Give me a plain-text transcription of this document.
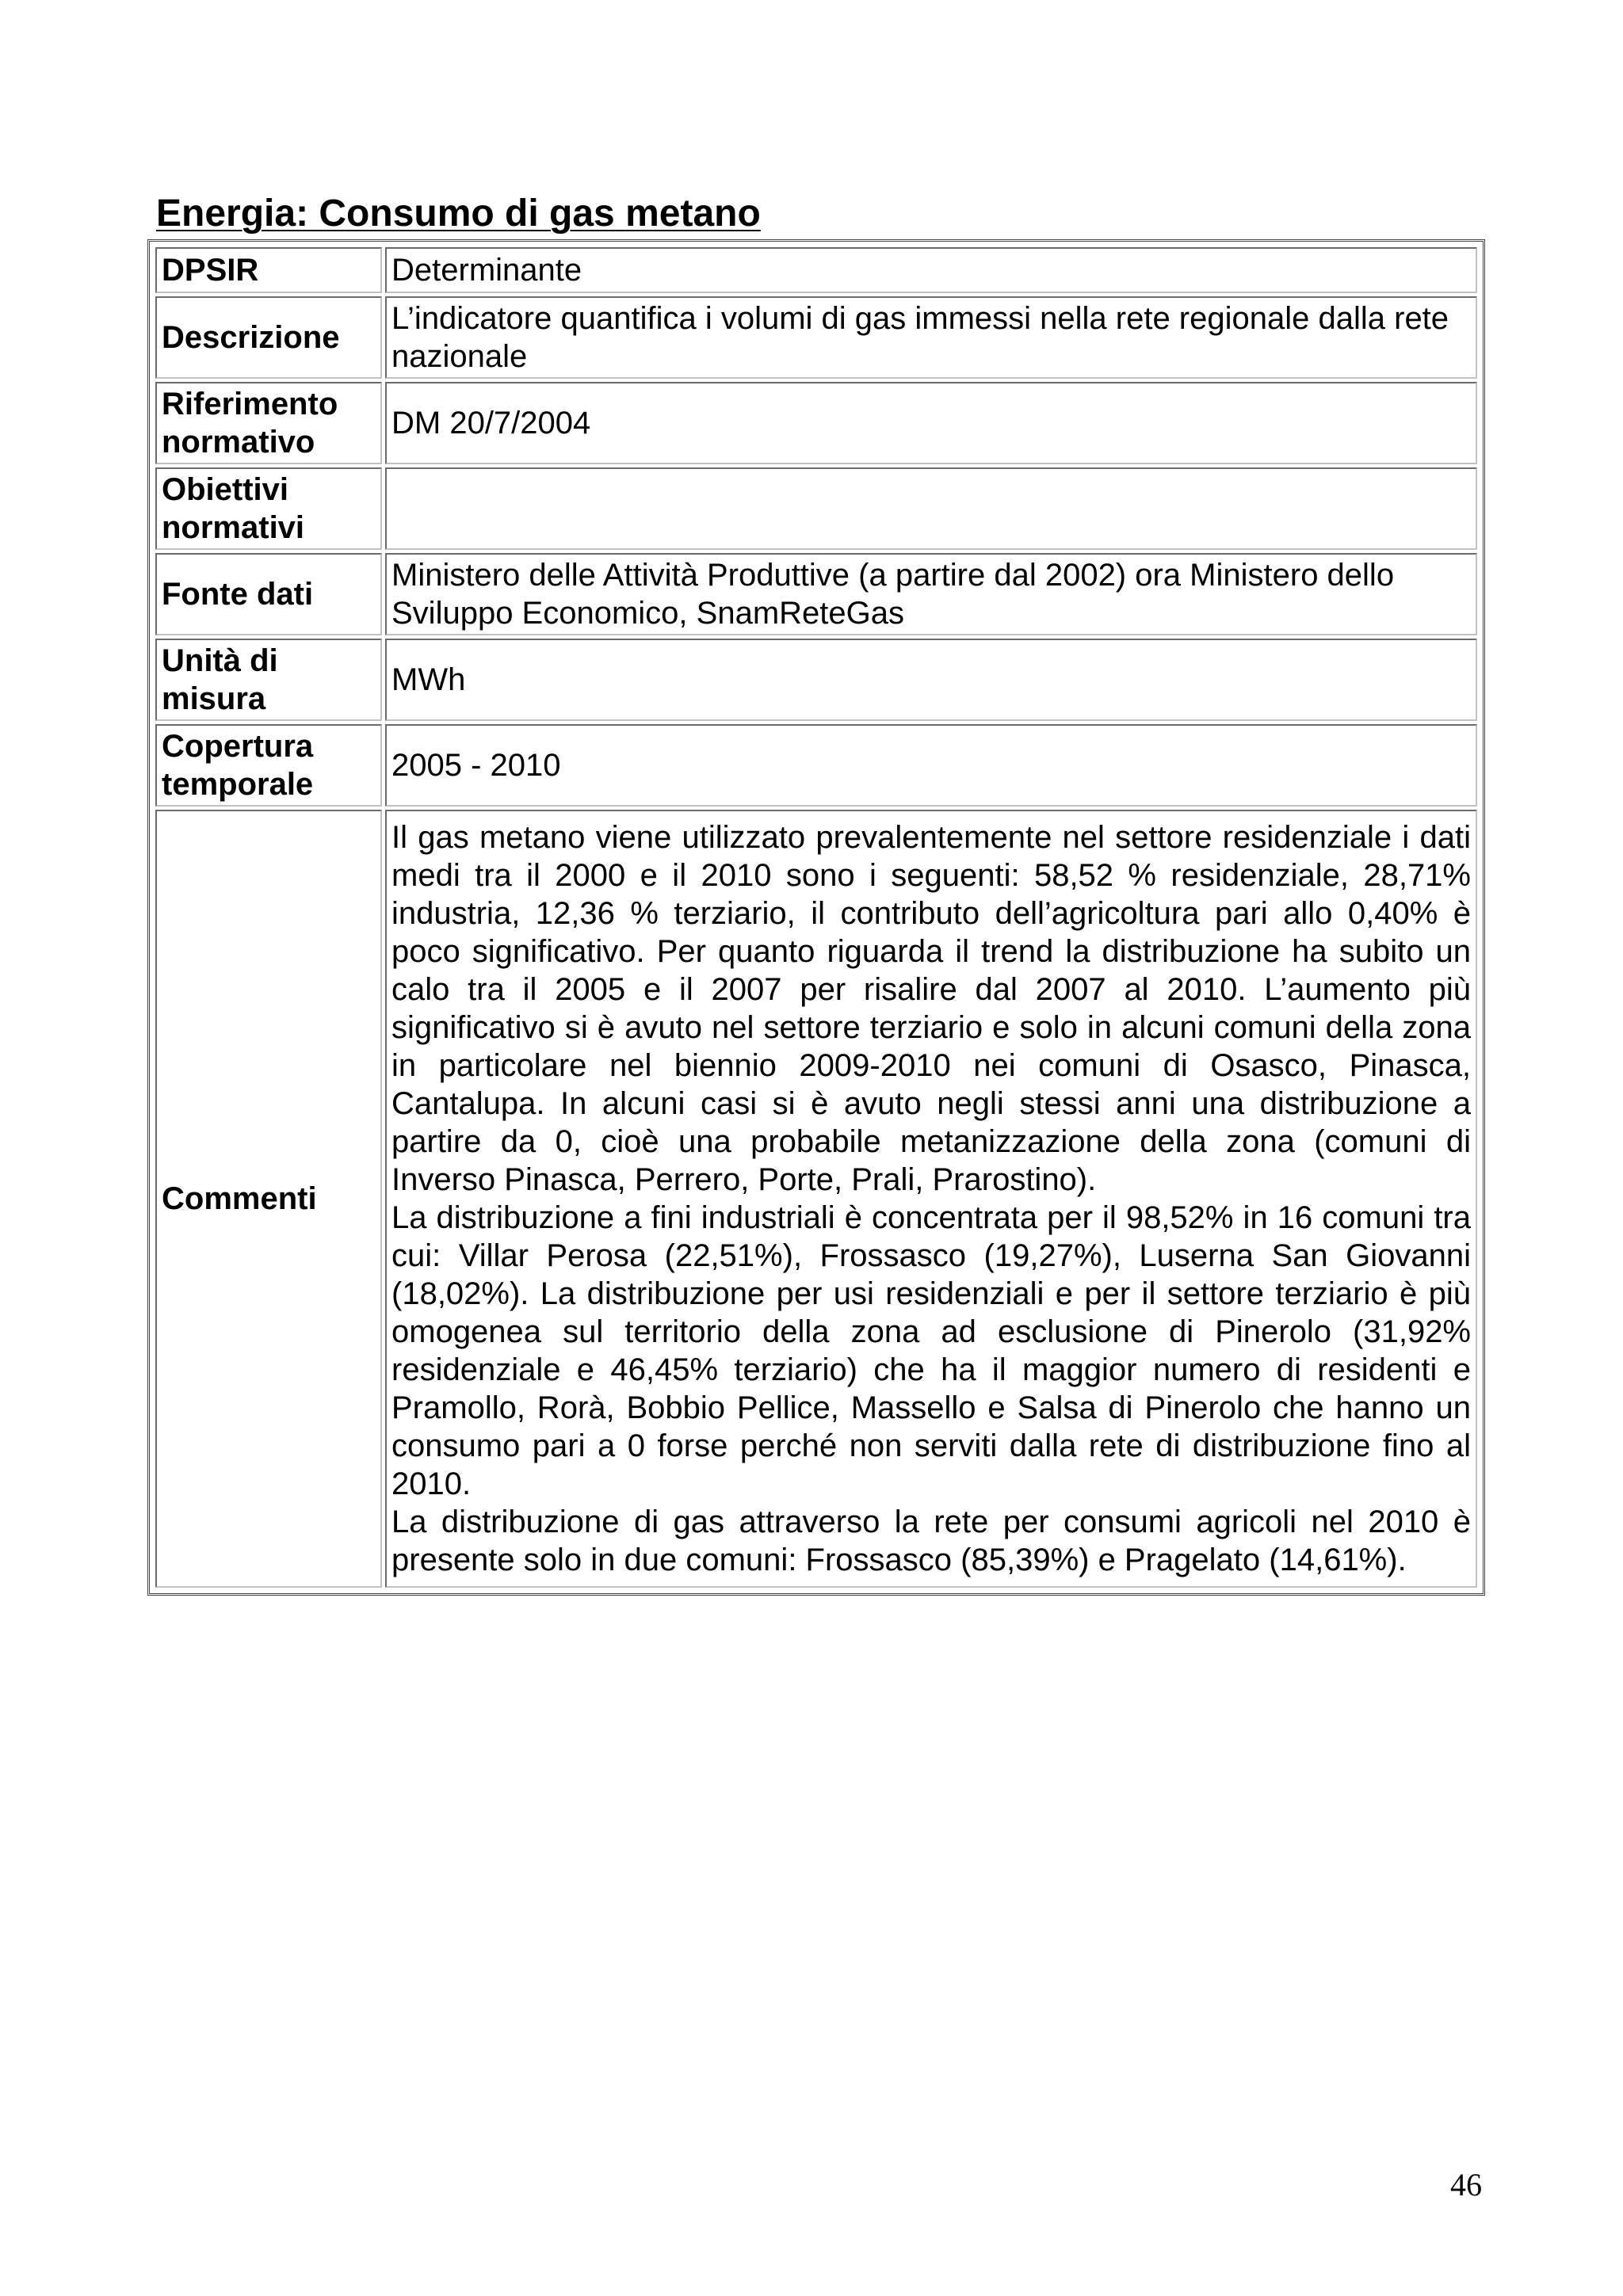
Energia: Consumo di gas metano
DPSIR	Determinante
Descrizione	L’indicatore quantifica i volumi di gas immessi nella rete regionale dalla rete nazionale
Riferimento normativo	DM 20/7/2004
Obiettivi normativi	
Fonte dati	Ministero delle Attività Produttive (a partire dal 2002) ora Ministero dello Sviluppo Economico, SnamReteGas
Unità di misura	MWh
Copertura temporale	2005 - 2010
Commenti	Il gas metano viene utilizzato prevalentemente nel settore residenziale i dati medi tra il 2000 e il 2010 sono i seguenti: 58,52 % residenziale, 28,71% industria, 12,36 % terziario, il contributo dell’agricoltura pari allo 0,40% è poco significativo. Per quanto riguarda il trend la distribuzione ha subito un calo tra il 2005 e il 2007 per risalire dal 2007 al 2010. L’aumento più significativo si è avuto nel settore terziario e solo in alcuni comuni della zona in particolare nel biennio 2009-2010 nei comuni di Osasco, Pinasca, Cantalupa. In alcuni casi si è avuto negli stessi anni una distribuzione a partire da 0, cioè una probabile metanizzazione della zona (comuni di Inverso Pinasca, Perrero, Porte, Prali, Prarostino).

La distribuzione a fini industriali è concentrata per il 98,52% in 16 comuni tra cui: Villar Perosa (22,51%), Frossasco (19,27%), Luserna San Giovanni (18,02%). La distribuzione per usi residenziali e per il settore terziario è più omogenea sul territorio della zona ad esclusione di Pinerolo (31,92% residenziale e 46,45% terziario) che ha il maggior numero di residenti e Pramollo, Rorà, Bobbio Pellice, Massello e Salsa di Pinerolo che hanno un consumo pari a 0 forse perché non serviti dalla rete di distribuzione fino al 2010.

La distribuzione di gas attraverso la rete per consumi agricoli nel 2010 è presente solo in due comuni: Frossasco (85,39%) e Pragelato (14,61%).

46
